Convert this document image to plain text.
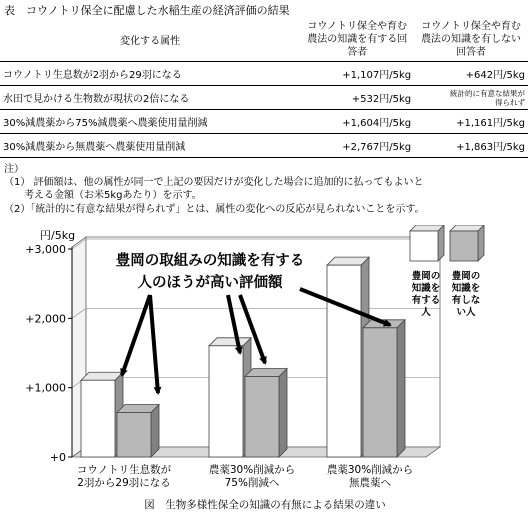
表　コウノトリ保全に配慮した水稲生産の経済評価の結果
変化する属性	コウノトリ保全や育む農法の知識を有する回答者	コウノトリ保全や育む農法の知識を有しない回答者

コウノトリ生息数が2羽から29羽になる	+1,107円/5kg	+642円/5kg
水田で見かける生物数が現状の2倍になる	+532円/5kg	統計的に有意な結果が得られず

30%減農薬から75%減農薬へ農薬使用量削減	+1,604円/5kg	+1,161円/5kg
30%減農薬から無農薬へ農薬使用量削減	+2,767円/5kg	+1,863円/5kg
注）
（1） 評価額は、他の属性が同一で上記の要因だけが変化した場合に追加的に払ってもよいと
考える金額（お米5kgあたり）を示す。
（2）「統計的に有意な結果が得られず」とは、属性の変化への反応が見られないことを示す。
+3,000
+2,000
+1,000
+0
コウノトリ生息数が
2羽から29羽になる
農薬30%削減から
75%削減へ
農薬30%削減から
無農薬へ
豊岡の
知識を
有する
人
豊岡の
知識を
有しな
い人
豊岡の取組みの知識を有する
人のほうが高い評価額
円/5kg
図　生物多様性保全の知識の有無による結果の違い
